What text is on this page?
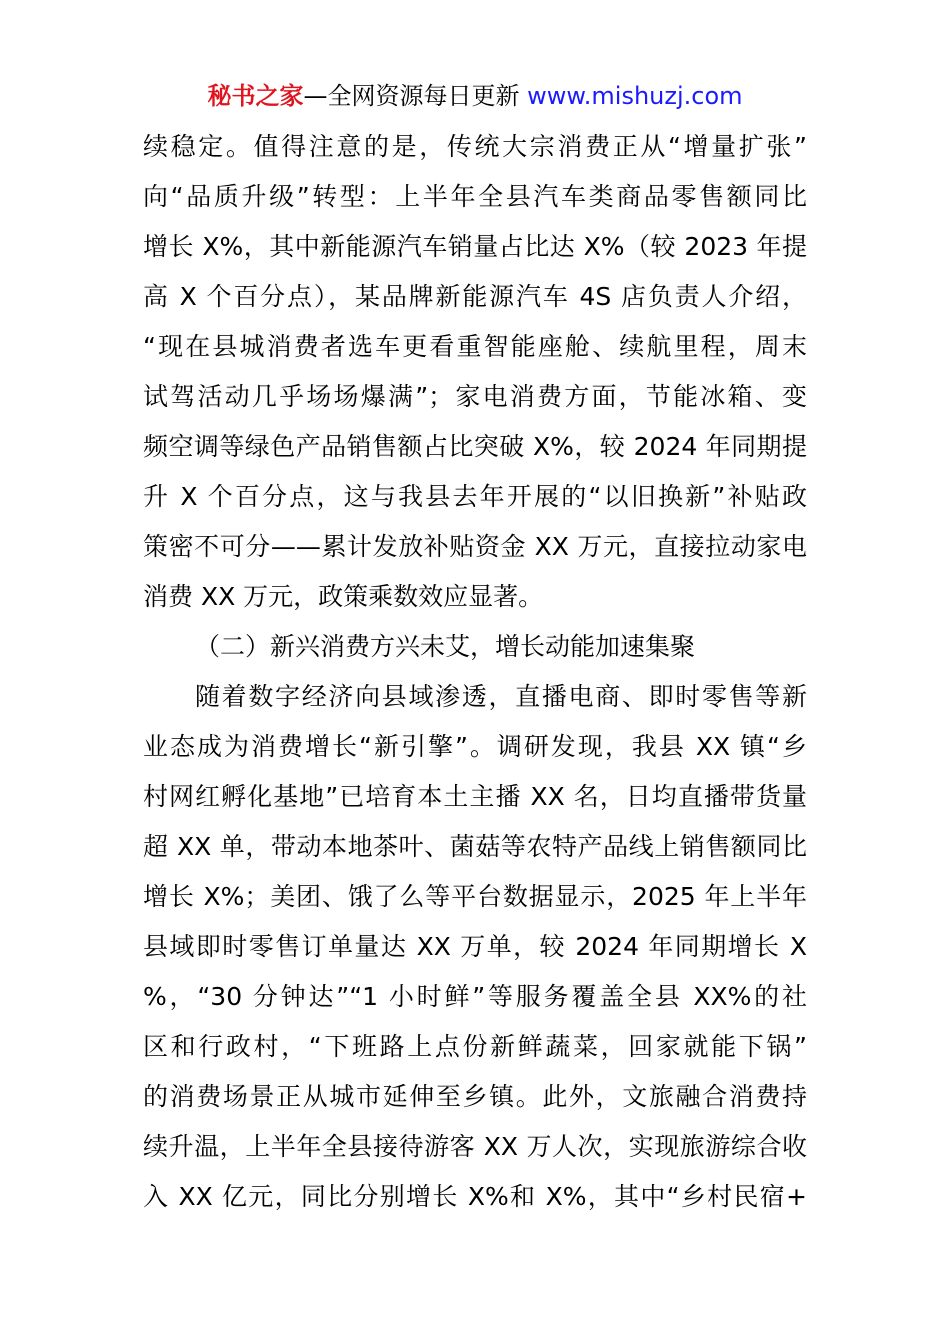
秘书之家—全网资源每日更新 www.mishuzj.com
续稳定。值得注意的是，传统大宗消费正从“增量扩张”
向“品质升级”转型：上半年全县汽车类商品零售额同比
增长 X%，其中新能源汽车销量占比达 X%（较 2023 年提
高 X 个百分点），某品牌新能源汽车 4S 店负责人介绍，
“现在县城消费者选车更看重智能座舱、续航里程，周末
试驾活动几乎场场爆满”；家电消费方面，节能冰箱、变
频空调等绿色产品销售额占比突破 X%，较 2024 年同期提
升 X 个百分点，这与我县去年开展的“以旧换新”补贴政
策密不可分——累计发放补贴资金 XX 万元，直接拉动家电
消费 XX 万元，政策乘数效应显著。
（二）新兴消费方兴未艾，增长动能加速集聚
随着数字经济向县域渗透，直播电商、即时零售等新
业态成为消费增长“新引擎”。调研发现，我县 XX 镇“乡
村网红孵化基地”已培育本土主播 XX 名，日均直播带货量
超 XX 单，带动本地茶叶、菌菇等农特产品线上销售额同比
增长 X%；美团、饿了么等平台数据显示，2025 年上半年
县域即时零售订单量达 XX 万单，较 2024 年同期增长 X
%，“30 分钟达”“1 小时鲜”等服务覆盖全县 XX%的社
区和行政村，“下班路上点份新鲜蔬菜，回家就能下锅”
的消费场景正从城市延伸至乡镇。此外，文旅融合消费持
续升温，上半年全县接待游客 XX 万人次，实现旅游综合收
入 XX 亿元，同比分别增长 X%和 X%，其中“乡村民宿+
